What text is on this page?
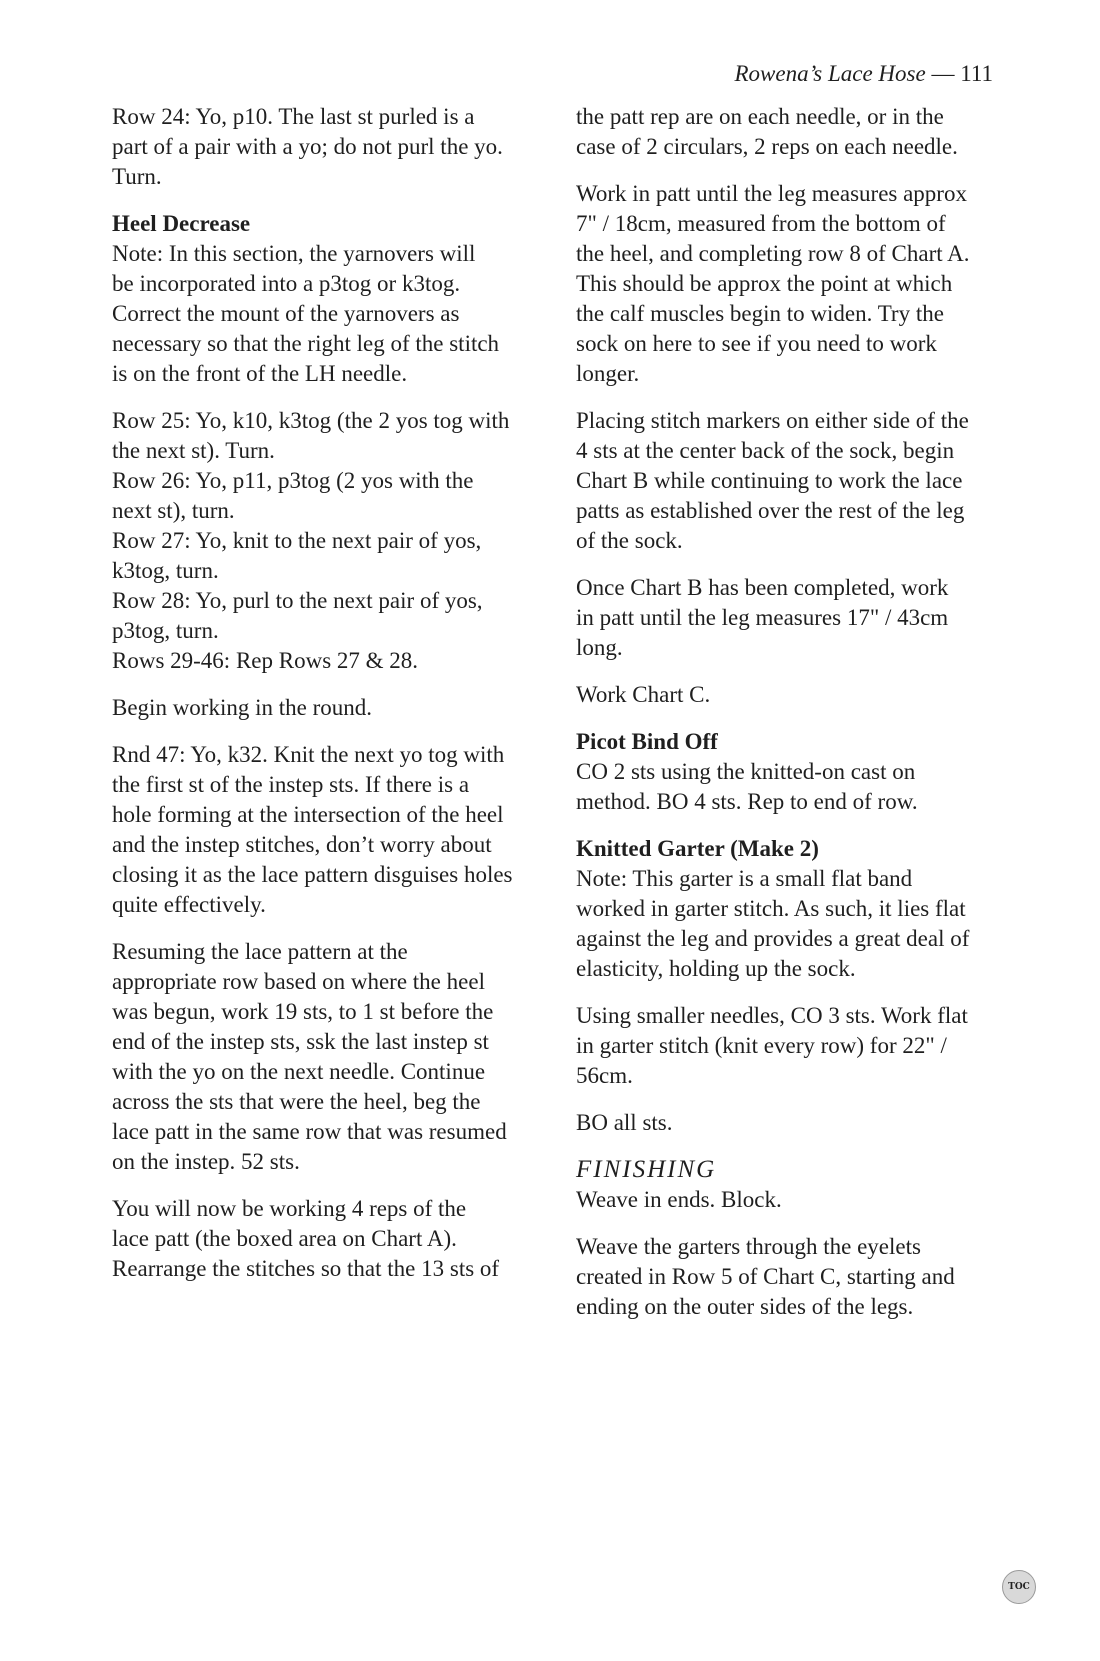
Rowena’s Lace Hose — 111

Row 24: Yo, p10. The last st purled is a
part of a pair with a yo; do not purl the yo.
Turn.

Heel Decrease

Note: In this section, the yarnovers will
be incorporated into a p3tog or k3tog.
Correct the mount of the yarnovers as
necessary so that the right leg of the stitch
is on the front of the LH needle.

Row 25: Yo, k10, k3tog (the 2 yos tog with
the next st). Turn.
Row 26: Yo, p11, p3tog (2 yos with the
next st), turn.
Row 27: Yo, knit to the next pair of yos,
k3tog, turn.
Row 28: Yo, purl to the next pair of yos,
p3tog, turn.
Rows 29-46: Rep Rows 27 & 28.

Begin working in the round.

Rnd 47: Yo, k32. Knit the next yo tog with
the first st of the instep sts. If there is a
hole forming at the intersection of the heel
and the instep stitches, don’t worry about
closing it as the lace pattern disguises holes
quite effectively.

Resuming the lace pattern at the
appropriate row based on where the heel
was begun, work 19 sts, to 1 st before the
end of the instep sts, ssk the last instep st
with the yo on the next needle. Continue
across the sts that were the heel, beg the
lace patt in the same row that was resumed
on the instep. 52 sts.

You will now be working 4 reps of the
lace patt (the boxed area on Chart A).
Rearrange the stitches so that the 13 sts of

the patt rep are on each needle, or in the
case of 2 circulars, 2 reps on each needle.

Work in patt until the leg measures approx
7" / 18cm, measured from the bottom of
the heel, and completing row 8 of Chart A.
This should be approx the point at which
the calf muscles begin to widen. Try the
sock on here to see if you need to work
longer.

Placing stitch markers on either side of the
4 sts at the center back of the sock, begin
Chart B while continuing to work the lace
patts as established over the rest of the leg
of the sock.

Once Chart B has been completed, work
in patt until the leg measures 17" / 43cm
long.

Work Chart C.

Picot Bind Off

CO 2 sts using the knitted-on cast on
method. BO 4 sts. Rep to end of row.

Knitted Garter (Make 2)

Note: This garter is a small flat band
worked in garter stitch. As such, it lies flat
against the leg and provides a great deal of
elasticity, holding up the sock.

Using smaller needles, CO 3 sts. Work flat
in garter stitch (knit every row) for 22" /
56cm.

BO all sts.

FINISHING

Weave in ends. Block.

Weave the garters through the eyelets
created in Row 5 of Chart C, starting and
ending on the outer sides of the legs.

TOC
